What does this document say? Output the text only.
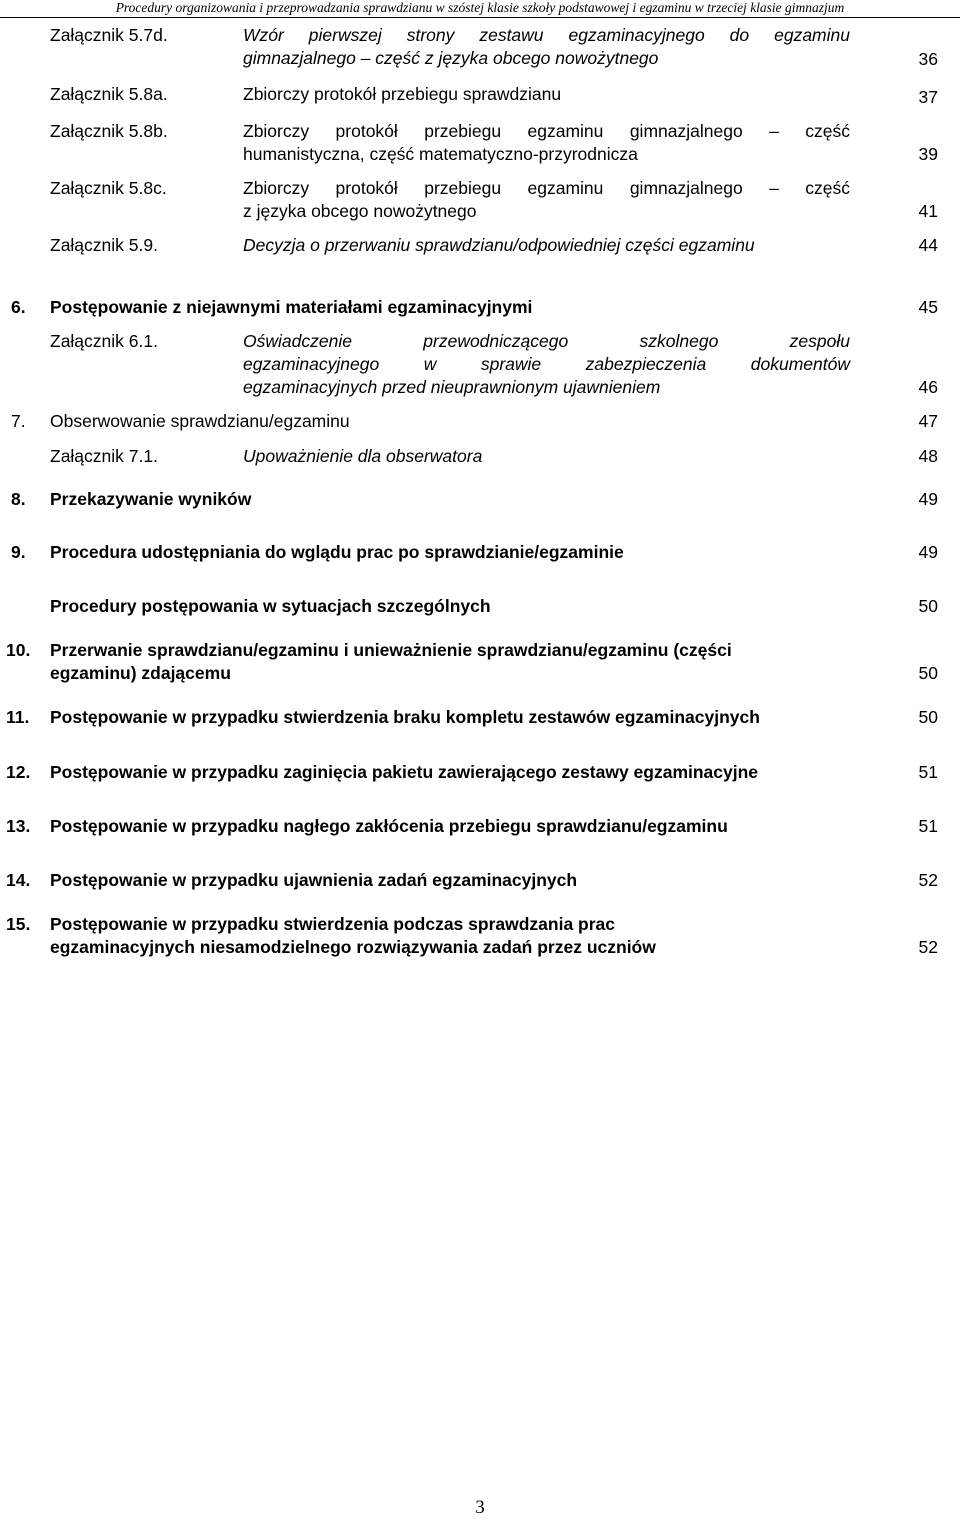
Procedury organizowania i przeprowadzania sprawdzianu w szóstej klasie szkoły podstawowej i egzaminu w trzeciej klasie gimnazjum
Załącznik 5.7d.	Wzór pierwszej strony zestawu egzaminacyjnego do egzaminu
gimnazjalnego – część z języka obcego nowożytnego	36
Załącznik 5.8a.	Zbiorczy protokół przebiegu sprawdzianu	37
Załącznik 5.8b.	Zbiorczy protokół przebiegu egzaminu gimnazjalnego – część
humanistyczna, część matematyczno-przyrodnicza	39
Załącznik 5.8c.	Zbiorczy protokół przebiegu egzaminu gimnazjalnego – część
z języka obcego nowożytnego	41
Załącznik 5.9.	Decyzja o przerwaniu sprawdzianu/odpowiedniej części egzaminu	44
6. Postępowanie z niejawnymi materiałami egzaminacyjnymi	45
Załącznik 6.1.	Oświadczenie przewodniczącego szkolnego zespołu
egzaminacyjnego w sprawie zabezpieczenia dokumentów
egzaminacyjnych przed nieuprawnionym ujawnieniem	46
7. Obserwowanie sprawdzianu/egzaminu	47
Załącznik 7.1.	Upoważnienie dla obserwatora	48
8. Przekazywanie wyników	49
9. Procedura udostępniania do wglądu prac po sprawdzianie/egzaminie	49
Procedury postępowania w sytuacjach szczególnych	50
10. Przerwanie sprawdzianu/egzaminu i unieważnienie sprawdzianu/egzaminu (części
egzaminu) zdającemu	50
11. Postępowanie w przypadku stwierdzenia braku kompletu zestawów egzaminacyjnych	50
12. Postępowanie w przypadku zaginięcia pakietu zawierającego zestawy egzaminacyjne	51
13. Postępowanie w przypadku nagłego zakłócenia przebiegu sprawdzianu/egzaminu	51
14. Postępowanie w przypadku ujawnienia zadań egzaminacyjnych	52
15. Postępowanie w przypadku stwierdzenia podczas sprawdzania prac
egzaminacyjnych niesamodzielnego rozwiązywania zadań przez uczniów	52
3
